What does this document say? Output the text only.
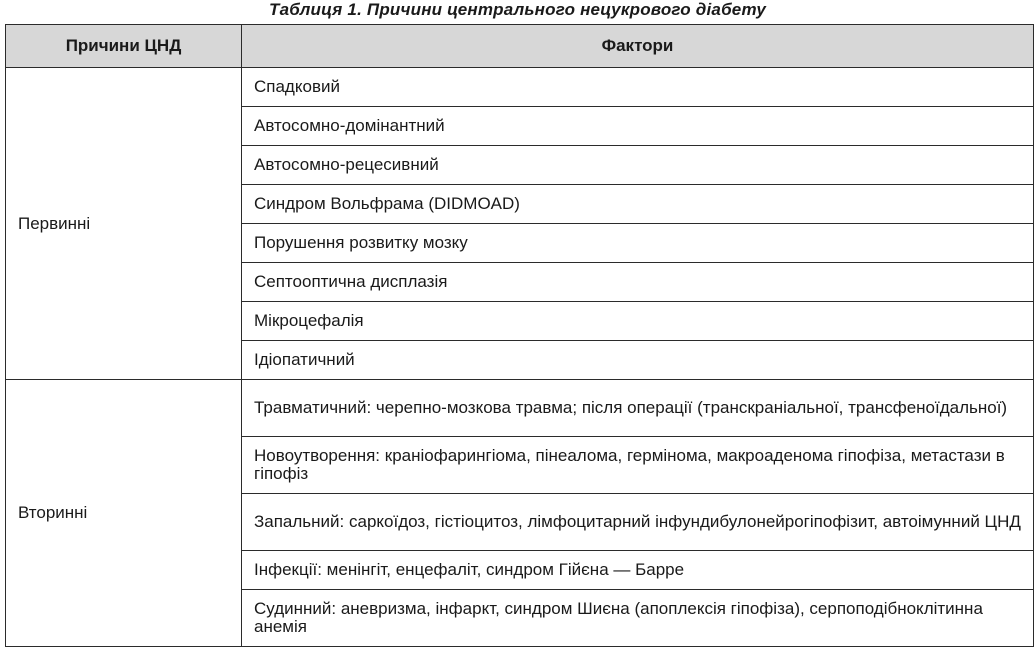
Таблиця 1. Причини центрального нецукрового діабету
Причини ЦНД	Фактори
Первинні	Спадковий
	Автосомно-домінантний
	Автосомно-рецесивний
	Синдром Вольфрама (DIDMOAD)
	Порушення розвитку мозку
	Септооптична дисплазія
	Мікроцефалія
	Ідіопатичний
Вторинні	Травматичний: черепно-мозкова травма; після операції (транскраніальної, трансфеноїдальної)
	Новоутворення: краніофарингіома, пінеалома, гермінома, макроаденома гіпофіза, метастази в гіпофіз
	Запальний: саркоїдоз, гістіоцитоз, лімфоцитарний інфундибулонейрогіпофізит, автоімунний ЦНД
	Інфекції: менінгіт, енцефаліт, синдром Гійєна — Барре
	Судинний: аневризма, інфаркт, синдром Шиєна (апоплексія гіпофіза), серпоподібноклітинна анемія
